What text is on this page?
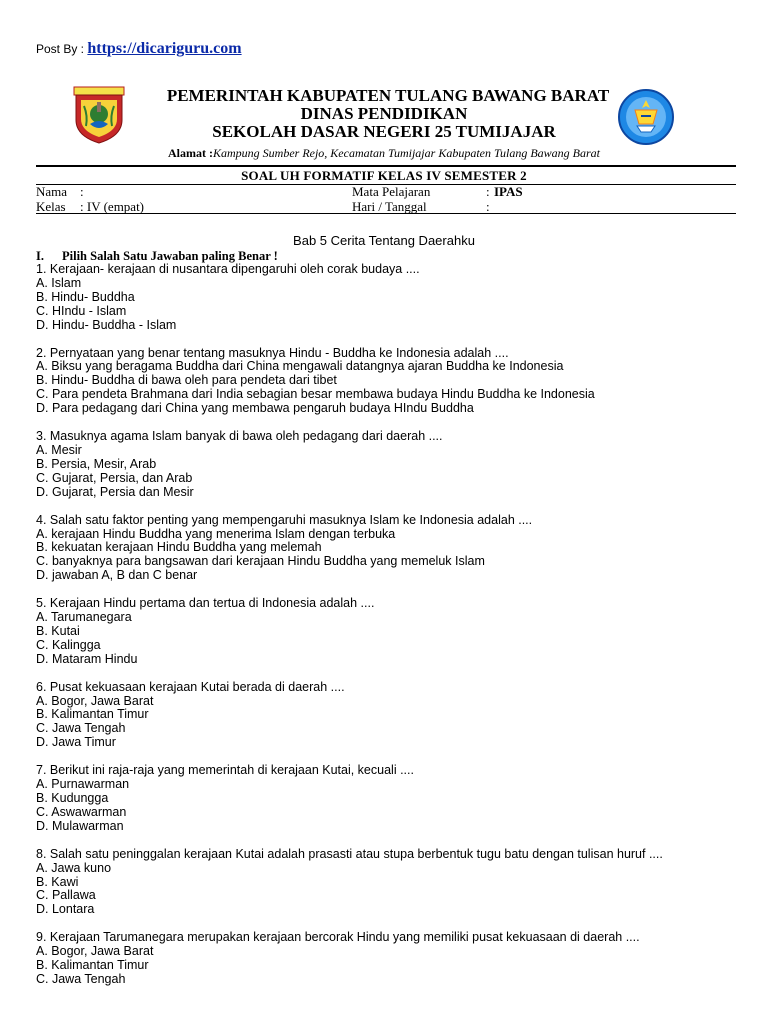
Post By : https://dicariguru.com
PEMERINTAH KABUPATEN TULANG BAWANG BARAT
DINAS PENDIDIKAN
SEKOLAH DASAR NEGERI 25 TUMIJAJAR
Alamat :Kampung Sumber Rejo, Kecamatan Tumijajar Kabupaten Tulang Bawang Barat
SOAL UH FORMATIF KELAS IV SEMESTER 2
Nama :
Kelas : IV (empat)
Mata Pelajaran	: IPAS
Hari / Tanggal	:
Bab 5 Cerita Tentang Daerahku
I. Pilih Salah Satu Jawaban paling Benar !
1. Kerajaan- kerajaan di nusantara dipengaruhi oleh corak budaya ....
A. Islam
B. Hindu- Buddha
C. HIndu - Islam
D. Hindu- Buddha - Islam
2. Pernyataan yang benar tentang masuknya Hindu - Buddha ke Indonesia adalah ....
A. Biksu yang beragama Buddha dari China mengawali datangnya ajaran Buddha ke Indonesia
B. Hindu- Buddha di bawa oleh para pendeta dari tibet
C. Para pendeta Brahmana dari India sebagian besar membawa budaya Hindu Buddha ke Indonesia
D. Para pedagang dari China yang membawa pengaruh budaya HIndu Buddha
3. Masuknya agama Islam banyak di bawa oleh pedagang dari daerah ....
A. Mesir
B. Persia, Mesir, Arab
C. Gujarat, Persia, dan Arab
D. Gujarat, Persia dan Mesir
4. Salah satu faktor penting yang mempengaruhi masuknya Islam ke Indonesia adalah ....
A. kerajaan Hindu Buddha yang menerima Islam dengan terbuka
B. kekuatan kerajaan Hindu Buddha yang melemah
C. banyaknya para bangsawan dari kerajaan Hindu Buddha yang memeluk Islam
D. jawaban A, B dan C benar
5. Kerajaan Hindu pertama dan tertua di Indonesia adalah ....
A. Tarumanegara
B. Kutai
C. Kalingga
D. Mataram Hindu
6. Pusat kekuasaan kerajaan Kutai berada di daerah ....
A. Bogor, Jawa Barat
B. Kalimantan Timur
C. Jawa Tengah
D. Jawa Timur
7. Berikut ini raja-raja yang memerintah di kerajaan Kutai, kecuali ....
A. Purnawarman
B. Kudungga
C. Aswawarman
D. Mulawarman
8. Salah satu peninggalan kerajaan Kutai adalah prasasti atau stupa berbentuk tugu batu dengan tulisan huruf ....
A. Jawa kuno
B. Kawi
C. Pallawa
D. Lontara
9. Kerajaan Tarumanegara merupakan kerajaan bercorak Hindu yang memiliki pusat kekuasaan di daerah ....
A. Bogor, Jawa Barat
B. Kalimantan Timur
C. Jawa Tengah
